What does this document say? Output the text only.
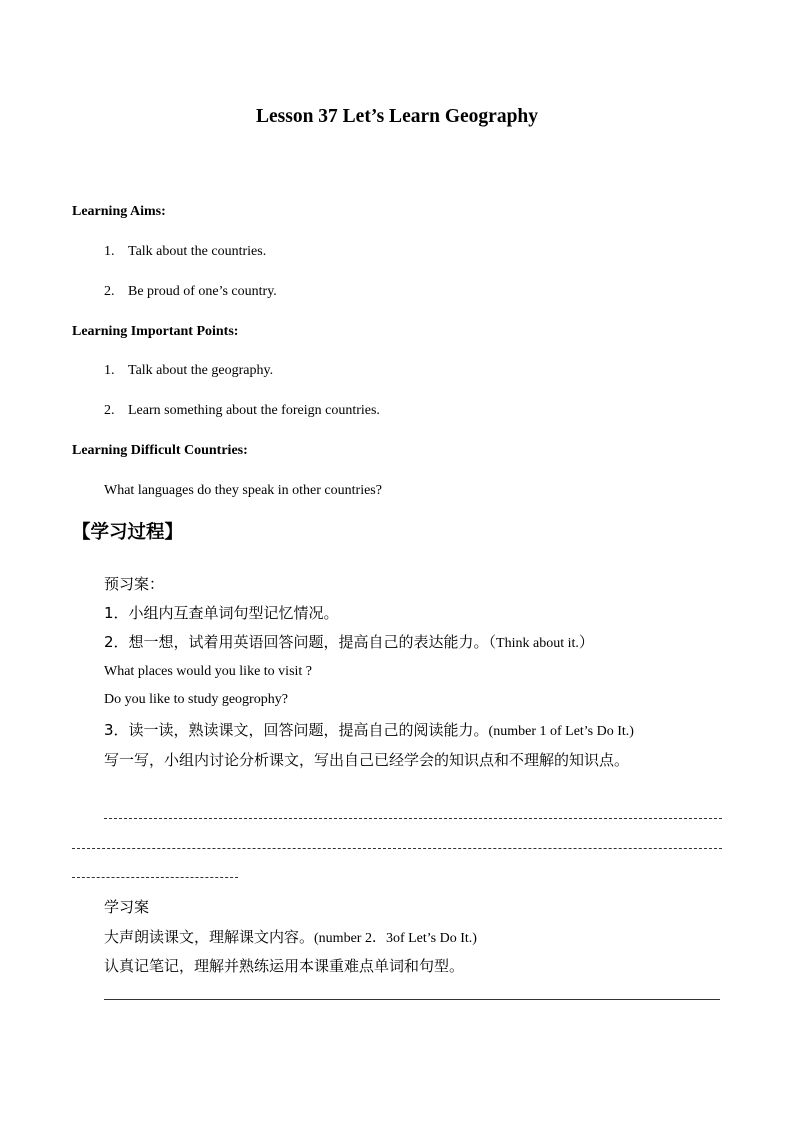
Lesson 37 Let’s Learn Geography
Learning Aims:
1. Talk about the countries.
2. Be proud of one’s country.
Learning Important Points:
1. Talk about the geography.
2. Learn something about the foreign countries.
Learning Difficult Countries:
What languages do they speak in other countries?
【学习过程】
预习案：
1．小组内互查单词句型记忆情况。
2．想一想，试着用英语回答问题，提高自己的表达能力。（Think about it.）
What places would you like to visit ?
Do you like to study geogrophy?
3．读一读，熟读课文，回答问题，提高自己的阅读能力。(number 1 of Let’s Do It.)
写一写，小组内讨论分析课文，写出自己已经学会的知识点和不理解的知识点。
学习案
大声朗读课文，理解课文内容。(number 2．3of Let’s Do It.)
认真记笔记，理解并熟练运用本课重难点单词和句型。
